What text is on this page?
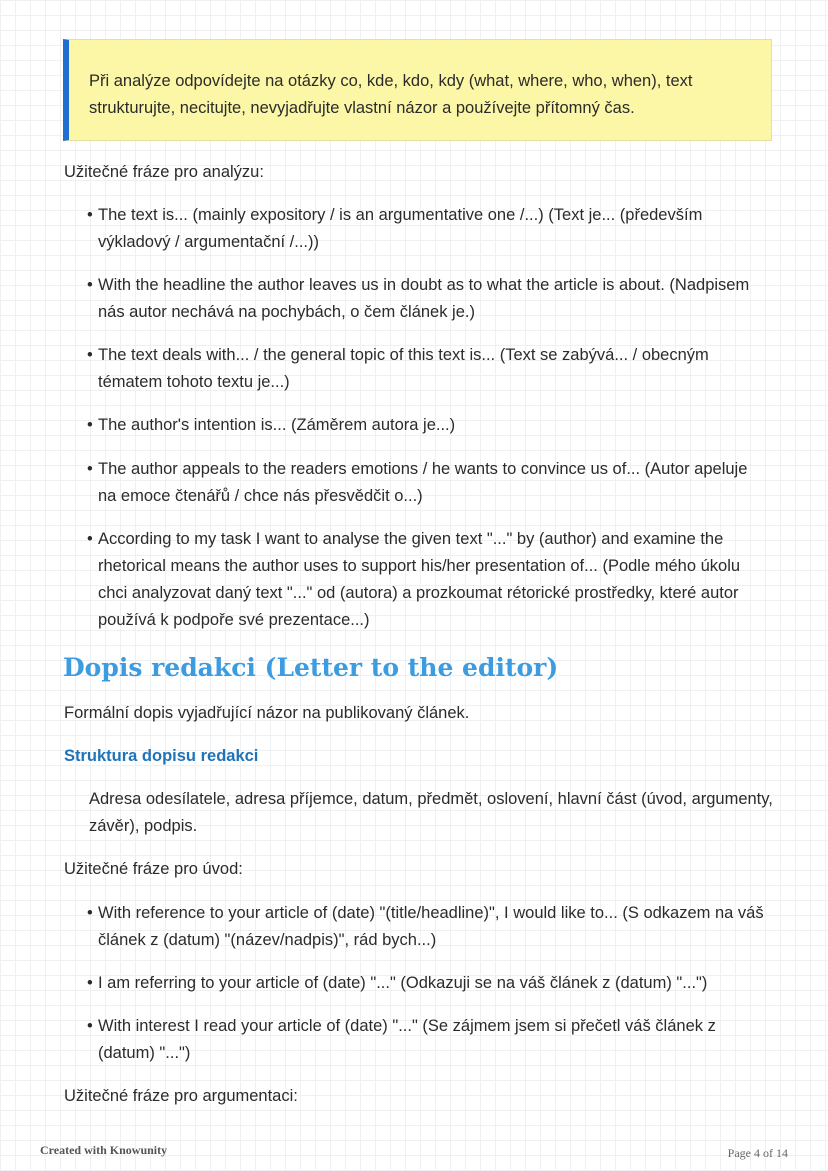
Při analýze odpovídejte na otázky co, kde, kdo, kdy (what, where, who, when), text
strukturujte, necitujte, nevyjadřujte vlastní názor a používejte přítomný čas.
Užitečné fráze pro analýzu:
• The text is... (mainly expository / is an argumentative one /...) (Text je... (především
výkladový / argumentační /...))
• With the headline the author leaves us in doubt as to what the article is about. (Nadpisem
nás autor nechává na pochybách, o čem článek je.)
• The text deals with... / the general topic of this text is... (Text se zabývá... / obecným
tématem tohoto textu je...)
• The author's intention is... (Záměrem autora je...)
• The author appeals to the readers emotions / he wants to convince us of... (Autor apeluje
na emoce čtenářů / chce nás přesvědčit o...)
• According to my task I want to analyse the given text "..." by (author) and examine the
rhetorical means the author uses to support his/her presentation of... (Podle mého úkolu
chci analyzovat daný text "..." od (autora) a prozkoumat rétorické prostředky, které autor
používá k podpoře své prezentace...)
Dopis redakci (Letter to the editor)
Formální dopis vyjadřující názor na publikovaný článek.
Struktura dopisu redakci
Adresa odesílatele, adresa příjemce, datum, předmět, oslovení, hlavní část (úvod, argumenty,
závěr), podpis.
Užitečné fráze pro úvod:
• With reference to your article of (date) "(title/headline)", I would like to... (S odkazem na váš
článek z (datum) "(název/nadpis)", rád bych...)
• I am referring to your article of (date) "..." (Odkazuji se na váš článek z (datum) "...")
• With interest I read your article of (date) "..." (Se zájmem jsem si přečetl váš článek z
(datum) "...")
Užitečné fráze pro argumentaci:
Created with Knowunity	Page 4 of 14
